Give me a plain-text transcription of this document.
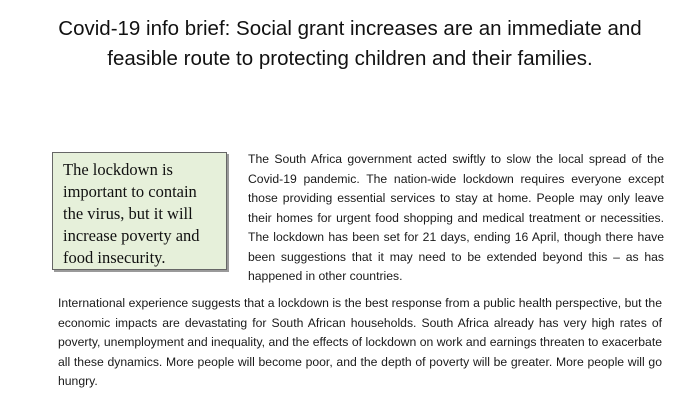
Covid-19 info brief: Social grant increases are an immediate and feasible route to protecting children and their families.
The lockdown is important to contain the virus, but it will increase poverty and food insecurity.

The South Africa government acted swiftly to slow the local spread of the Covid-19 pandemic. The nation-wide lockdown requires everyone except those providing essential services to stay at home. People may only leave their homes for urgent food shopping and medical treatment or necessities. The lockdown has been set for 21 days, ending 16 April, though there have been suggestions that it may need to be extended beyond this – as has happened in other countries.

International experience suggests that a lockdown is the best response from a public health perspective, but the economic impacts are devastating for South African households. South Africa already has very high rates of poverty, unemployment and inequality, and the effects of lockdown on work and earnings threaten to exacerbate all these dynamics. More people will become poor, and the depth of poverty will be greater. More people will go hungry.
